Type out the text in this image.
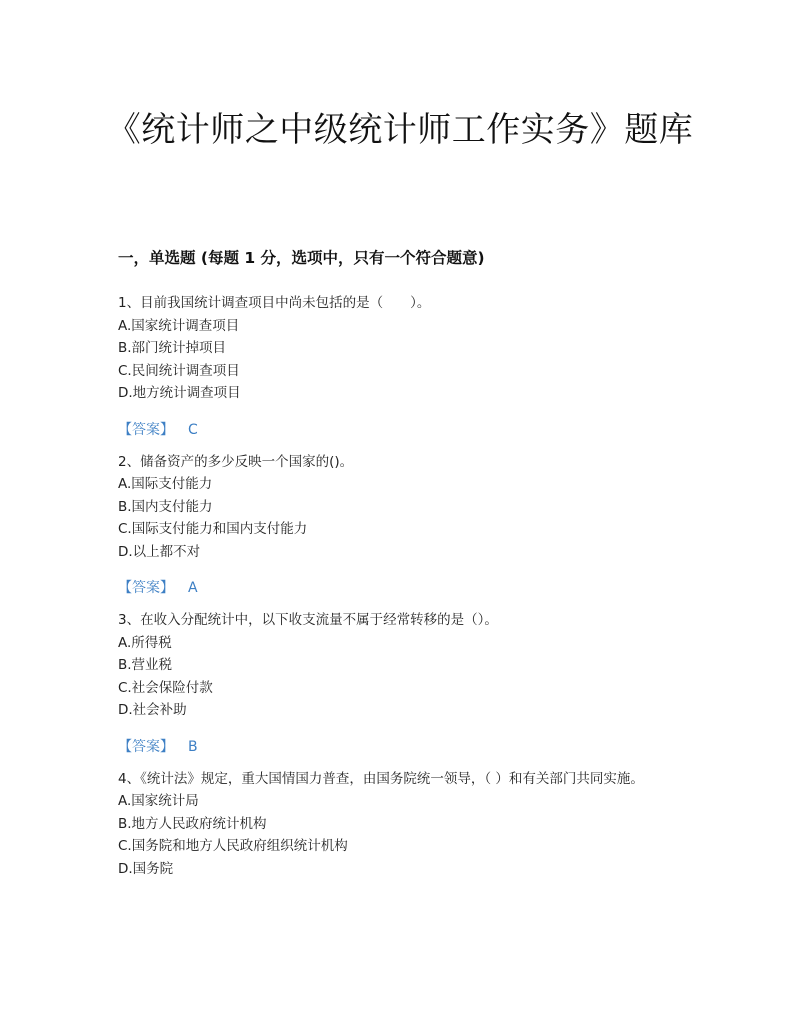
《统计师之中级统计师工作实务》题库
一，单选题 (每题 1 分，选项中，只有一个符合题意)

1、目前我国统计调查项目中尚未包括的是（　　）。

A.国家统计调查项目

B.部门统计掉项目

C.民间统计调查项目

D.地方统计调查项目

【答案】 C

2、储备资产的多少反映一个国家的()。

A.国际支付能力

B.国内支付能力

C.国际支付能力和国内支付能力

D.以上都不对

【答案】 A

3、在收入分配统计中，以下收支流量不属于经常转移的是（）。

A.所得税

B.营业税

C.社会保险付款

D.社会补助

【答案】 B

4、《统计法》规定，重大国情国力普查，由国务院统一领导，（ ）和有关部门共同实施。

A.国家统计局

B.地方人民政府统计机构

C.国务院和地方人民政府组织统计机构

D.国务院
